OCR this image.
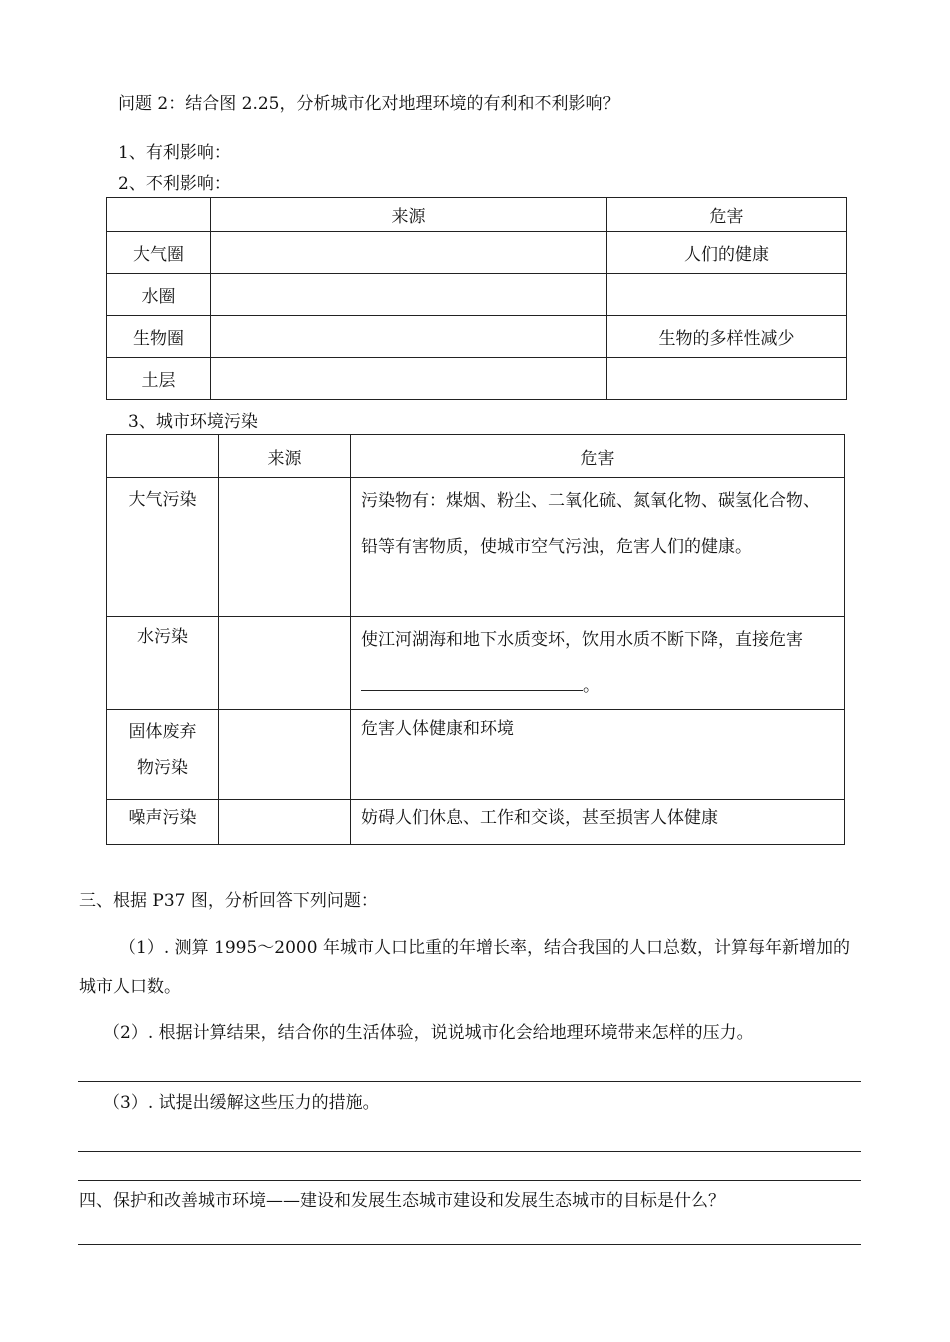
问题 2：结合图 2.25，分析城市化对地理环境的有利和不利影响？
1、有利影响：
2、不利影响：
	来源	危害
大气圈		人们的健康
水圈		
生物圈		生物的多样性减少
土层		
3、城市环境污染
	来源	危害

大气污染		污染物有：煤烟、粉尘、二氧化硫、氮氧化物、碳氢化合物、铅等有害物质，使城市空气污浊，危害人们的健康。

水污染		使江河湖海和地下水质变坏，饮用水质不断下降，直接危害。

固体废弃物污染		危害人体健康和环境

噪声污染		妨碍人们休息、工作和交谈，甚至损害人体健康
三、根据 P37 图，分析回答下列问题：
（1）. 测算 1995～2000 年城市人口比重的年增长率，结合我国的人口总数，计算每年新增加的城市人口数。
（2）. 根据计算结果，结合你的生活体验，说说城市化会给地理环境带来怎样的压力。
（3）. 试提出缓解这些压力的措施。
四、保护和改善城市环境——建设和发展生态城市建设和发展生态城市的目标是什么？
